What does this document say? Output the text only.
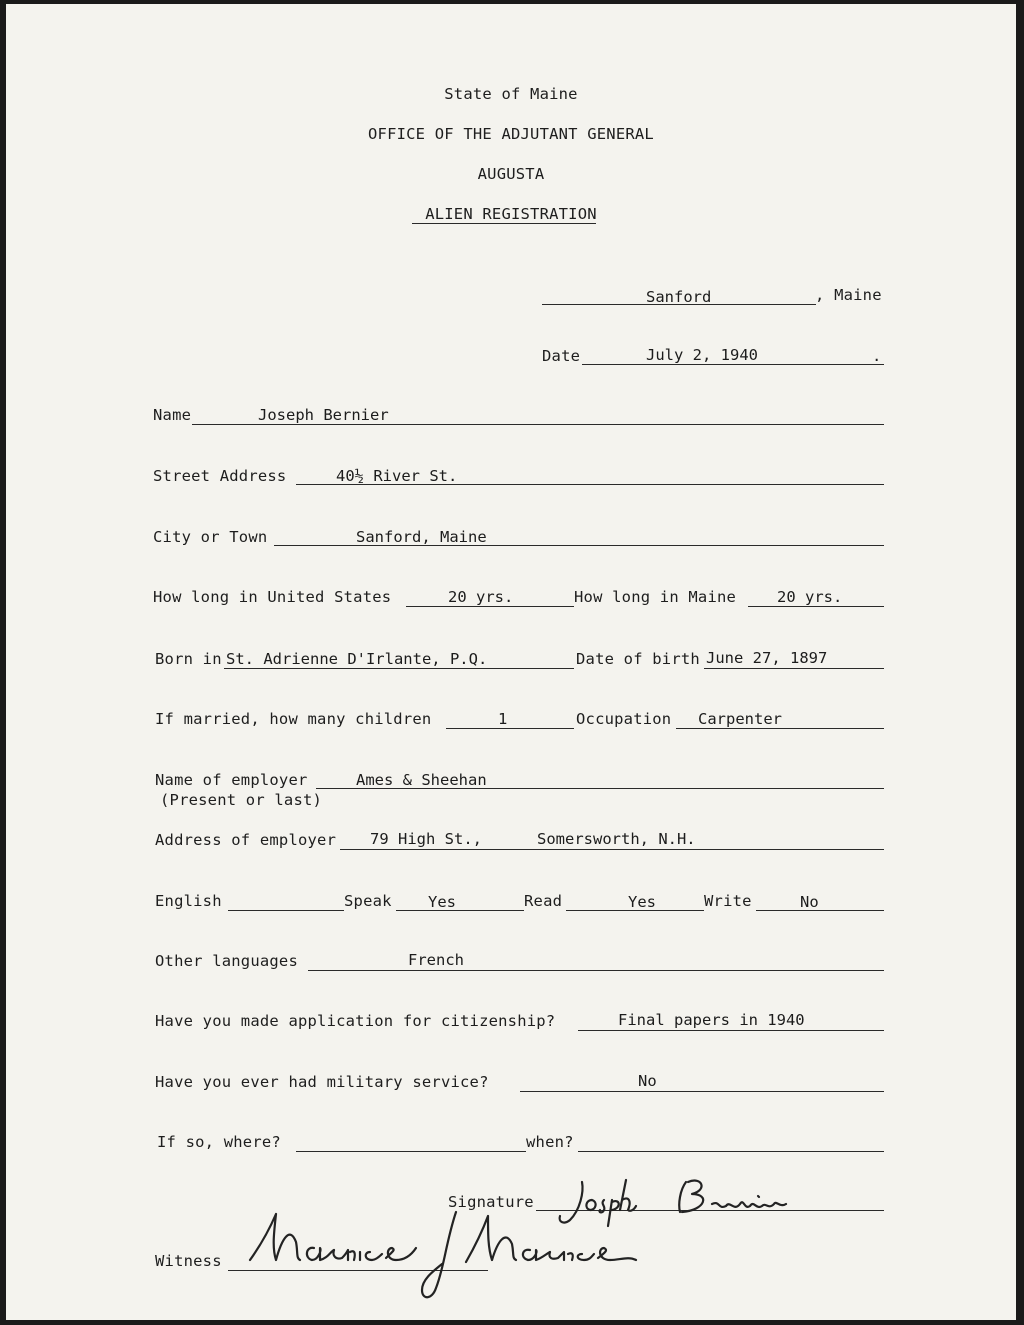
State of Maine
OFFICE OF THE ADJUTANT GENERAL
AUGUSTA
ALIEN REGISTRATION
Sanford	, Maine
Date	July 2, 1940	.
Name	Joseph Bernier
Street Address	40½ River St.
City or Town	Sanford, Maine
How long in United States	20 yrs.	How long in Maine	20 yrs.
Born in St. Adrienne D'Irlante, P.Q.	Date of birth June 27, 1897
If married, how many children	1	Occupation Carpenter
Name of employer
(Present or last)
Ames & Sheehan
Address of employer 79 High St.,	Somersworth, N.H.
English	Speak Yes	Read	Yes	Write	No
Other languages	French
Have you made application for citizenship?	Final papers in 1940
Have you ever had military service?	No
If so, where?	when?
Signature
Witness
